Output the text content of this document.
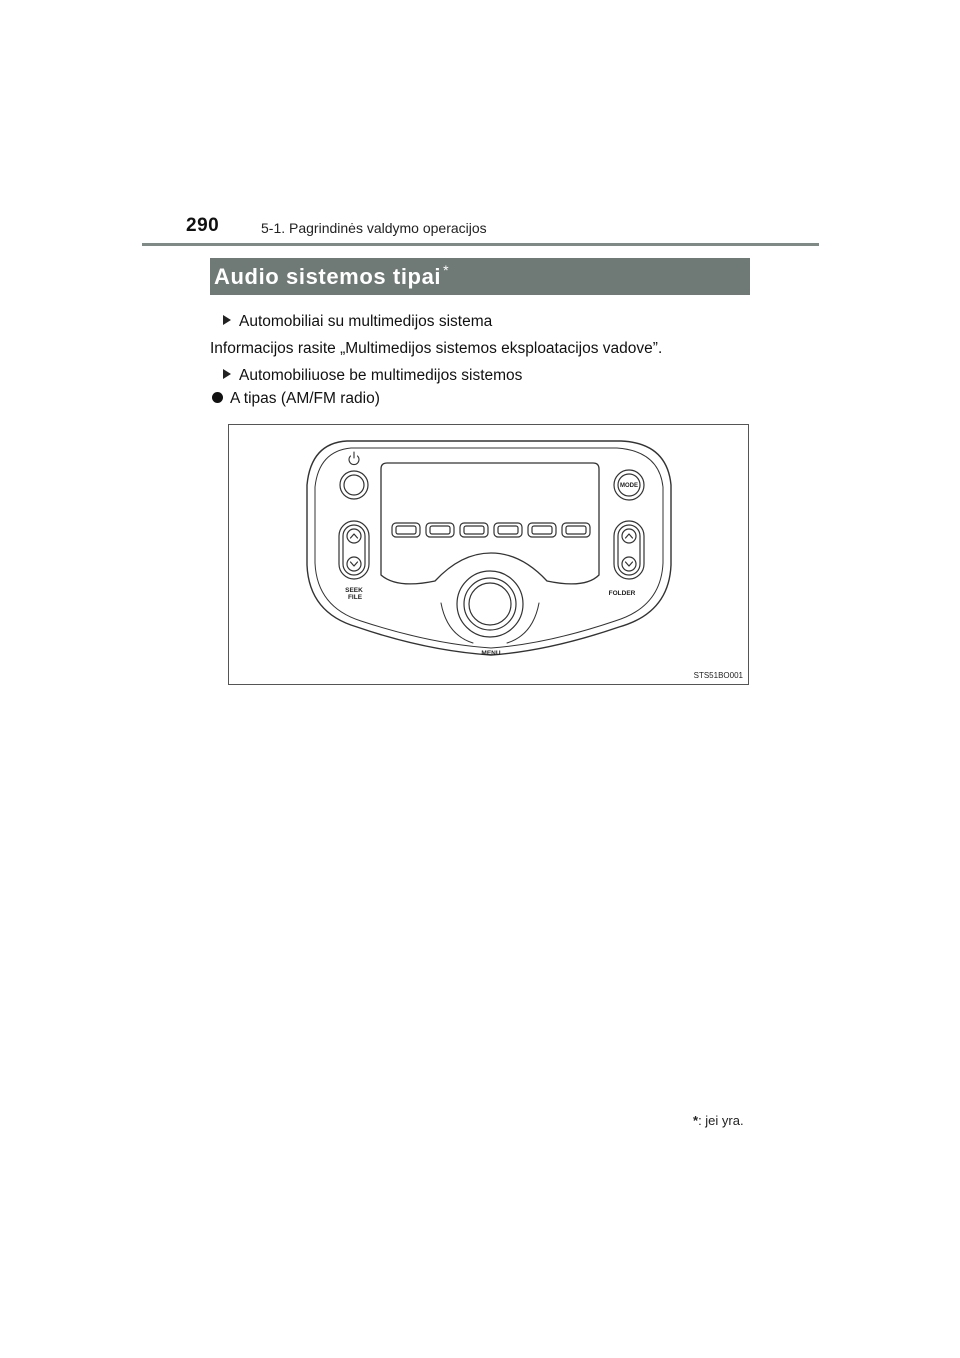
290	5-1. Pagrindinės valdymo operacijos
Audio sistemos tipai *
Automobiliai su multimedijos sistema
Informacijos rasite „Multimedijos sistemos eksploatacijos vadove”.
Automobiliuose be multimedijos sistemos
A tipas (AM/FM radio)
MODE
SEEK
FILE
FOLDER
MENU
STS51BO001
*: jei yra.
